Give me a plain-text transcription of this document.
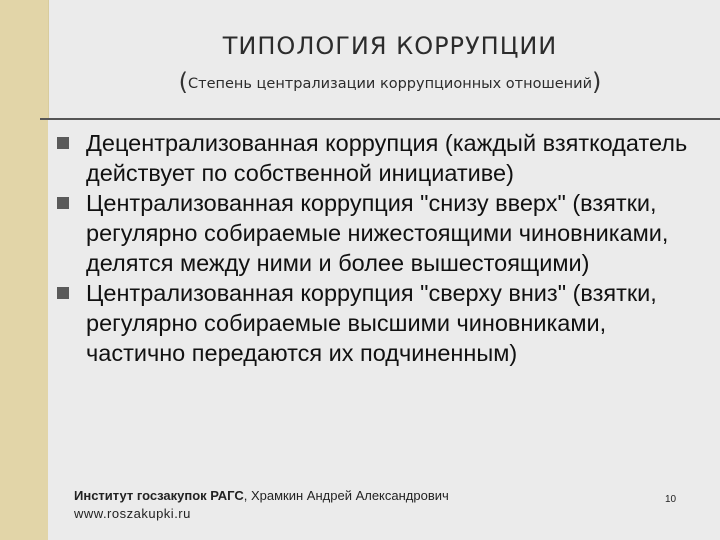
ТИПОЛОГИЯ КОРРУПЦИИ
(Степень централизации коррупционных отношений)
Децентрализованная коррупция (каждый взяткодатель действует по собственной инициативе)
Централизованная коррупция "снизу вверх" (взятки, регулярно собираемые нижестоящими чиновниками, делятся между ними и более вышестоящими)
Централизованная коррупция "сверху вниз" (взятки, регулярно собираемые высшими чиновниками, частично передаются их подчиненным)
Институт госзакупок РАГС, Храмкин Андрей Александрович
www.roszakupki.ru
10
